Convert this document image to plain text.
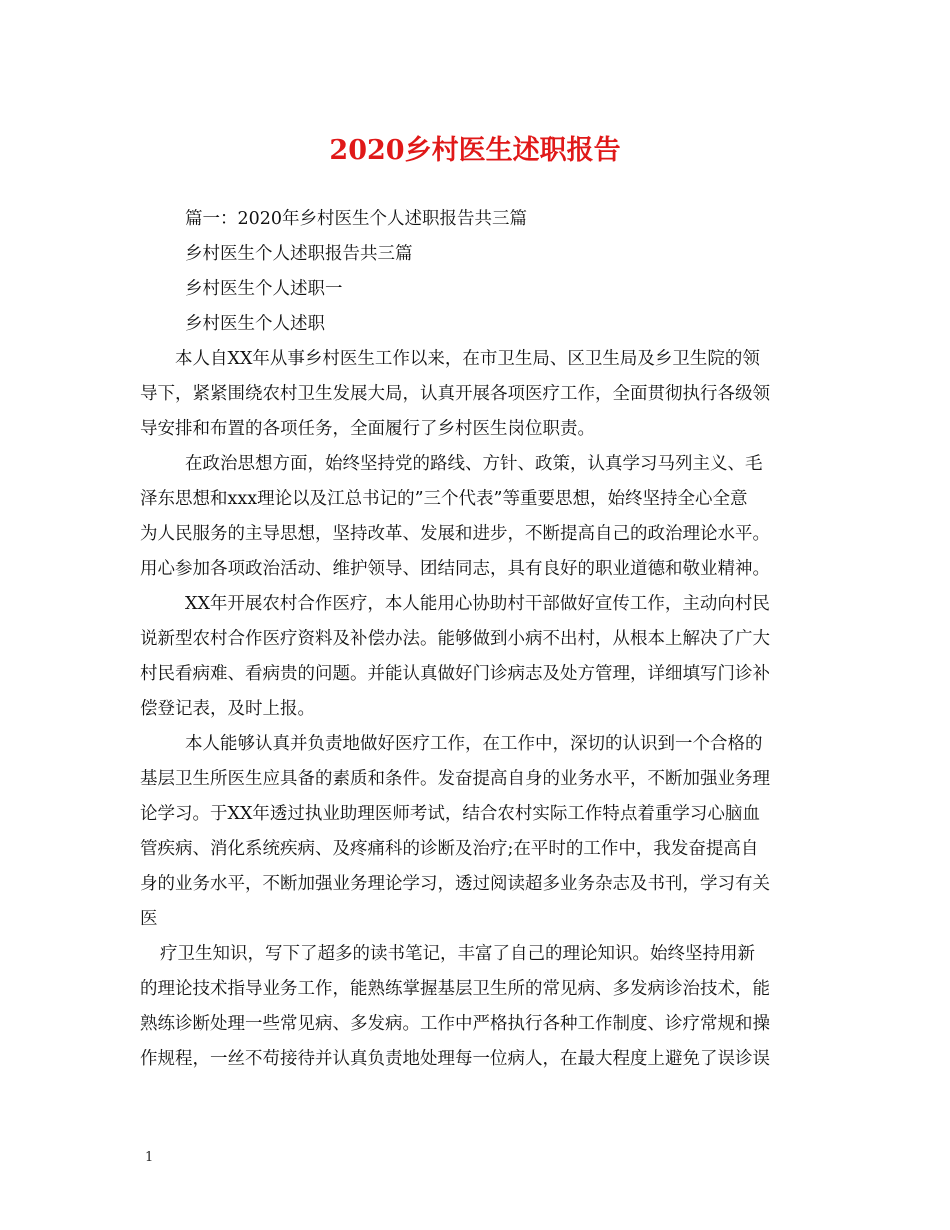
2020乡村医生述职报告
篇一：2020年乡村医生个人述职报告共三篇
乡村医生个人述职报告共三篇
乡村医生个人述职一
乡村医生个人述职
本人自XX年从事乡村医生工作以来，在市卫生局、区卫生局及乡卫生院的领
导下，紧紧围绕农村卫生发展大局，认真开展各项医疗工作，全面贯彻执行各级领
导安排和布置的各项任务，全面履行了乡村医生岗位职责。
在政治思想方面，始终坚持党的路线、方针、政策，认真学习马列主义、毛
泽东思想和xxx理论以及江总书记的”三个代表”等重要思想，始终坚持全心全意
为人民服务的主导思想，坚持改革、发展和进步，不断提高自己的政治理论水平。
用心参加各项政治活动、维护领导、团结同志，具有良好的职业道德和敬业精神。
XX年开展农村合作医疗，本人能用心协助村干部做好宣传工作，主动向村民
说新型农村合作医疗资料及补偿办法。能够做到小病不出村，从根本上解决了广大
村民看病难、看病贵的问题。并能认真做好门诊病志及处方管理，详细填写门诊补
偿登记表，及时上报。
本人能够认真并负责地做好医疗工作，在工作中，深切的认识到一个合格的
基层卫生所医生应具备的素质和条件。发奋提高自身的业务水平，不断加强业务理
论学习。于XX年透过执业助理医师考试，结合农村实际工作特点着重学习心脑血
管疾病、消化系统疾病、及疼痛科的诊断及治疗;在平时的工作中，我发奋提高自
身的业务水平，不断加强业务理论学习，透过阅读超多业务杂志及书刊，学习有关
医
疗卫生知识，写下了超多的读书笔记，丰富了自己的理论知识。始终坚持用新
的理论技术指导业务工作，能熟练掌握基层卫生所的常见病、多发病诊治技术，能
熟练诊断处理一些常见病、多发病。工作中严格执行各种工作制度、诊疗常规和操
作规程，一丝不苟接待并认真负责地处理每一位病人，在最大程度上避免了误诊误
1
